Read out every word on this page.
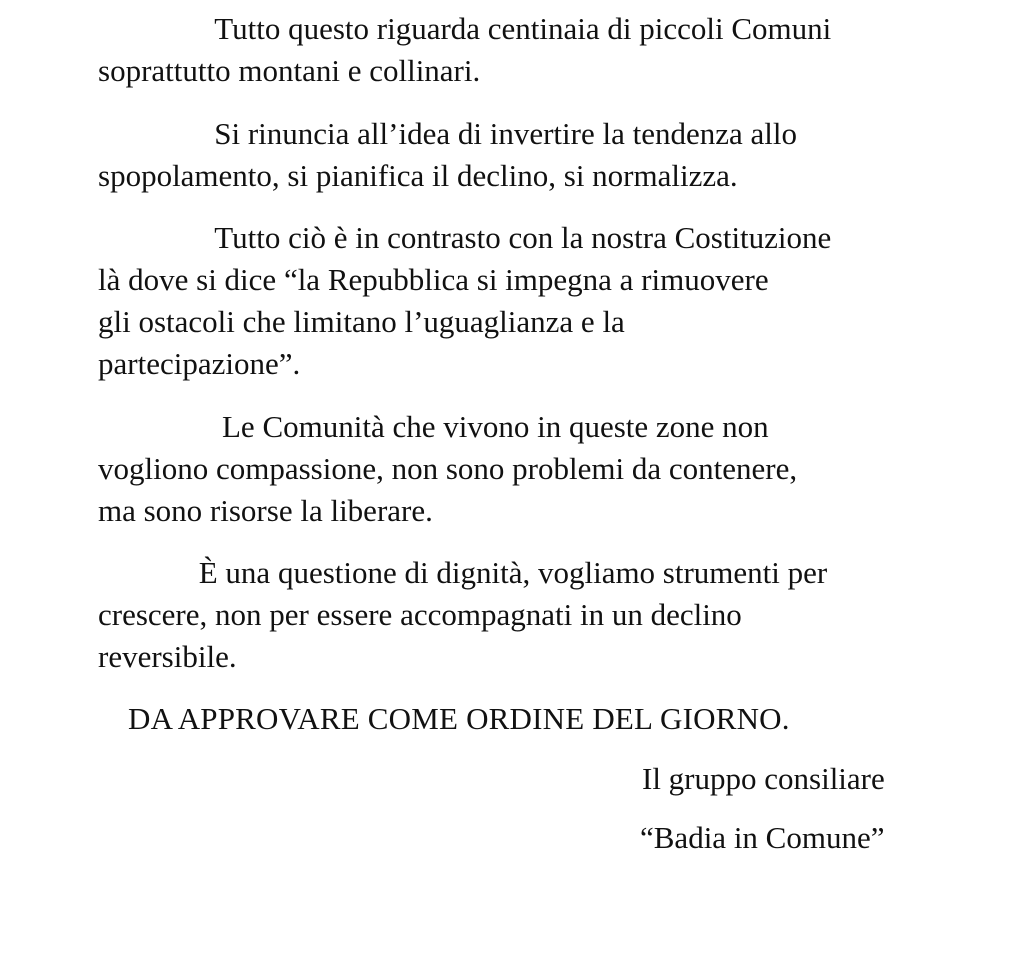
Tutto questo riguarda centinaia di piccoli Comuni
soprattutto montani e collinari.

Si rinuncia all’idea di invertire la tendenza allo
spopolamento, si pianifica il declino, si normalizza.

Tutto ciò è in contrasto con la nostra Costituzione
là dove si dice “la Repubblica si impegna a rimuovere
gli ostacoli che limitano l’uguaglianza e la
partecipazione”.

Le Comunità che vivono in queste zone non
vogliono compassione, non sono problemi da contenere,
ma sono risorse la liberare.

È una questione di dignità, vogliamo strumenti per
crescere, non per essere accompagnati in un declino
reversibile.

DA APPROVARE COME ORDINE DEL GIORNO.
Il gruppo consiliare
“Badia in Comune”
